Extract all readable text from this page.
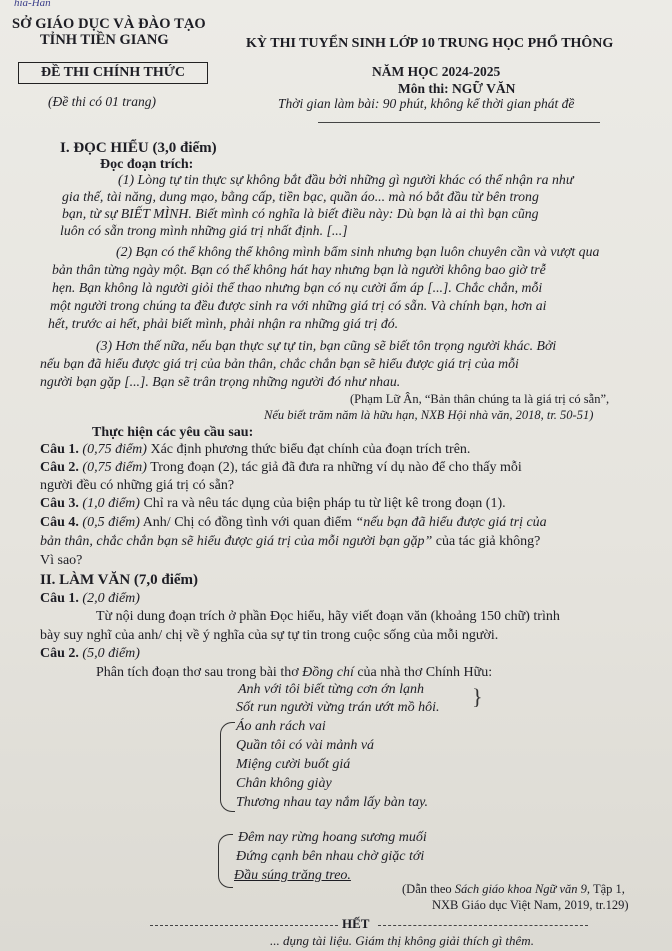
hia-Han
SỞ GIÁO DỤC VÀ ĐÀO TẠO
TỈNH TIỀN GIANG	KỲ THI TUYỂN SINH LỚP 10 TRUNG HỌC PHỔ THÔNG
NĂM HỌC 2024-2025
Môn thi: NGỮ VĂN
ĐỀ THI CHÍNH THỨC
(Đề thi có 01 trang)	Thời gian làm bài: 90 phút, không kể thời gian phát đề
I. ĐỌC HIỂU (3,0 điểm)
Đọc đoạn trích:
(1) Lòng tự tin thực sự không bắt đầu bởi những gì người khác có thể nhận ra như
gia thế, tài năng, dung mạo, bằng cấp, tiền bạc, quần áo... mà nó bắt đầu từ bên trong
bạn, từ sự BIẾT MÌNH. Biết mình có nghĩa là biết điều này: Dù bạn là ai thì bạn cũng
luôn có sẵn trong mình những giá trị nhất định. [...]
(2) Bạn có thể không thể không mình bẩm sinh nhưng bạn luôn chuyên cần và vượt qua
bản thân từng ngày một. Bạn có thể không hát hay nhưng bạn là người không bao giờ trễ
hẹn. Bạn không là người giỏi thể thao nhưng bạn có nụ cười ấm áp [...]. Chắc chắn, mỗi
một người trong chúng ta đều được sinh ra với những giá trị có sẵn. Và chính bạn, hơn ai
hết, trước ai hết, phải biết mình, phải nhận ra những giá trị đó.
(3) Hơn thế nữa, nếu bạn thực sự tự tin, bạn cũng sẽ biết tôn trọng người khác. Bởi
nếu bạn đã hiểu được giá trị của bản thân, chắc chắn bạn sẽ hiểu được giá trị của mỗi
người bạn gặp [...]. Bạn sẽ trân trọng những người đó như nhau.
(Phạm Lữ Ân, “Bản thân chúng ta là giá trị có sẵn”,
Nếu biết trăm năm là hữu hạn, NXB Hội nhà văn, 2018, tr. 50-51)
Thực hiện các yêu cầu sau:
Câu 1. (0,75 điểm) Xác định phương thức biểu đạt chính của đoạn trích trên.
Câu 2. (0,75 điểm) Trong đoạn (2), tác giả đã đưa ra những ví dụ nào để cho thấy mỗi
người đều có những giá trị có sẵn?
Câu 3. (1,0 điểm) Chỉ ra và nêu tác dụng của biện pháp tu từ liệt kê trong đoạn (1).
Câu 4. (0,5 điểm) Anh/ Chị có đồng tình với quan điểm “nếu bạn đã hiểu được giá trị của
bản thân, chắc chắn bạn sẽ hiểu được giá trị của mỗi người bạn gặp” của tác giả không?
Vì sao?
II. LÀM VĂN (7,0 điểm)
Câu 1. (2,0 điểm)
Từ nội dung đoạn trích ở phần Đọc hiểu, hãy viết đoạn văn (khoảng 150 chữ) trình
bày suy nghĩ của anh/ chị về ý nghĩa của sự tự tin trong cuộc sống của mỗi người.
Câu 2. (5,0 điểm)
Phân tích đoạn thơ sau trong bài thơ Đồng chí của nhà thơ Chính Hữu:
Anh với tôi biết từng cơn ớn lạnh
Sốt run người vừng trán ướt mồ hôi.
Áo anh rách vai
Quần tôi có vài mảnh vá
Miệng cười buốt giá
Chân không giày
Thương nhau tay nắm lấy bàn tay.
Đêm nay rừng hoang sương muối
Đứng cạnh bên nhau chờ giặc tới
Đầu súng trăng treo.
}
(Dẫn theo Sách giáo khoa Ngữ văn 9, Tập 1,
NXB Giáo dục Việt Nam, 2019, tr.129)
HẾT
... dụng tài liệu. Giám thị không giải thích gì thêm.
